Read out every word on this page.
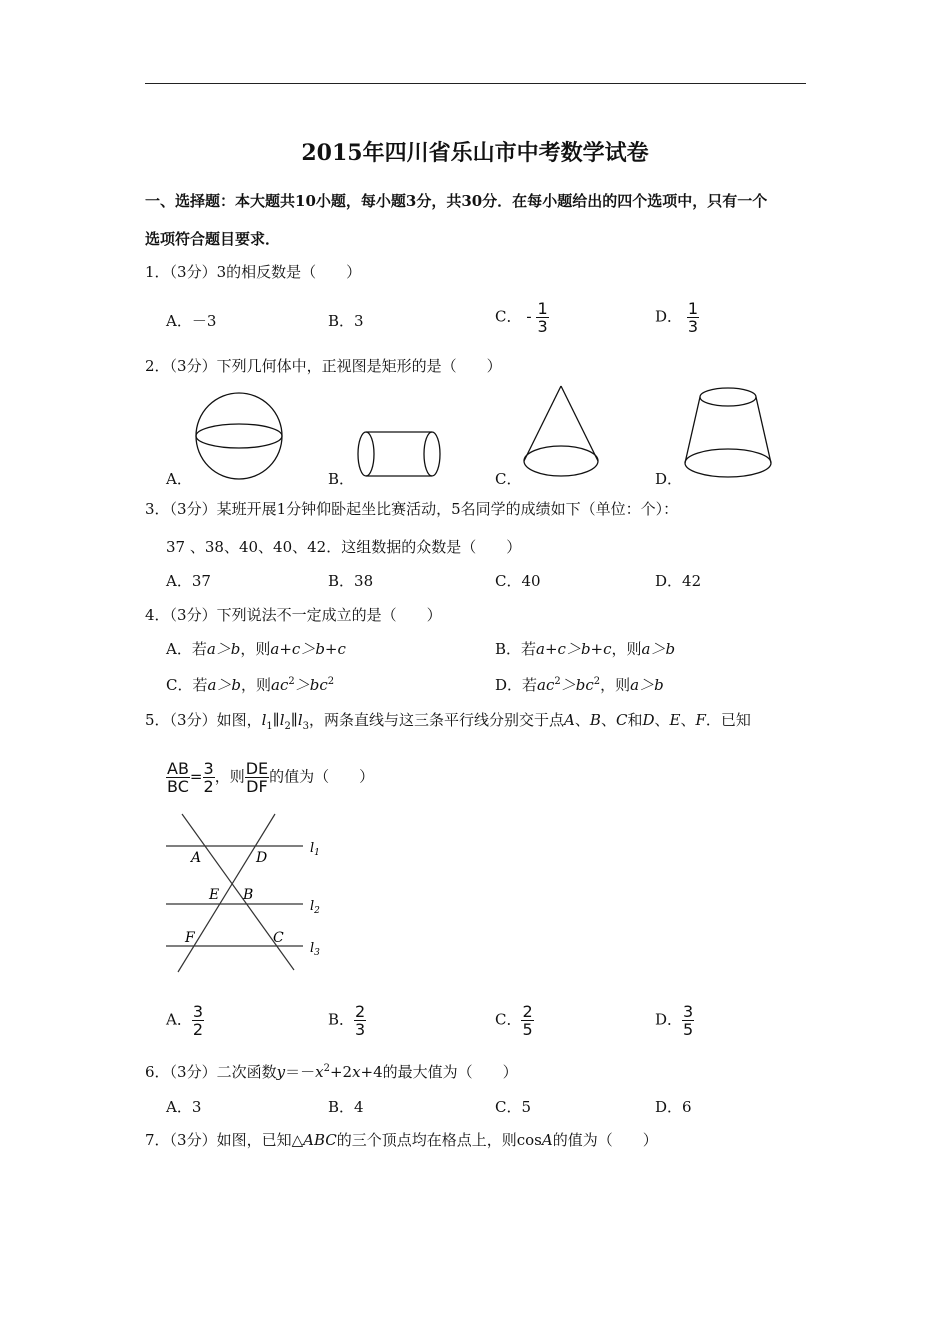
2015年四川省乐山市中考数学试卷
一、选择题：本大题共10小题，每小题3分，共30分．在每小题给出的四个选项中，只有一个
选项符合题目要求．
1．（3分）3的相反数是（　　）
A．－3	B．3	C． - $\frac{1}{3}$	D． $\frac{1}{3}$
2．（3分）下列几何体中，正视图是矩形的是（　　）
A．	B．	C．	D．
3．（3分）某班开展1分钟仰卧起坐比赛活动，5名同学的成绩如下（单位：个）：
37 、38、40、40、42．这组数据的众数是（　　）
A．37	B．38	C．40	D．42
4．（3分）下列说法不一定成立的是（　　）
A．若a＞b，则a+c＞b+c	B．若a+c＞b+c，则a＞b
C．若a＞b，则$ac^2>bc^2$	D．若$ac^2>bc^2$，则a＞b
5．（3分）如图，$l_1\parallel l_2\parallel l_3$，两条直线与这三条平行线分别交于点A、B、C和D、E、F．已知
$\frac{AB}{BC} = \frac{3}{2}$ ，则 $\frac{DE}{DF}$ 的值为（　　）
$l_1$
$l_2$
$l_3$
A	D
E B
F	C
A． $\frac{3}{2}$	B． $\frac{2}{3}$	C． $\frac{2}{5}$	D． $\frac{3}{5}$
6．（3分）二次函数$y=-x^2+2x+4$的最大值为（　　）
A．3	B．4	C．5	D．6
7．（3分）如图，已知△ABC的三个顶点均在格点上，则cosA的值为（　　）
